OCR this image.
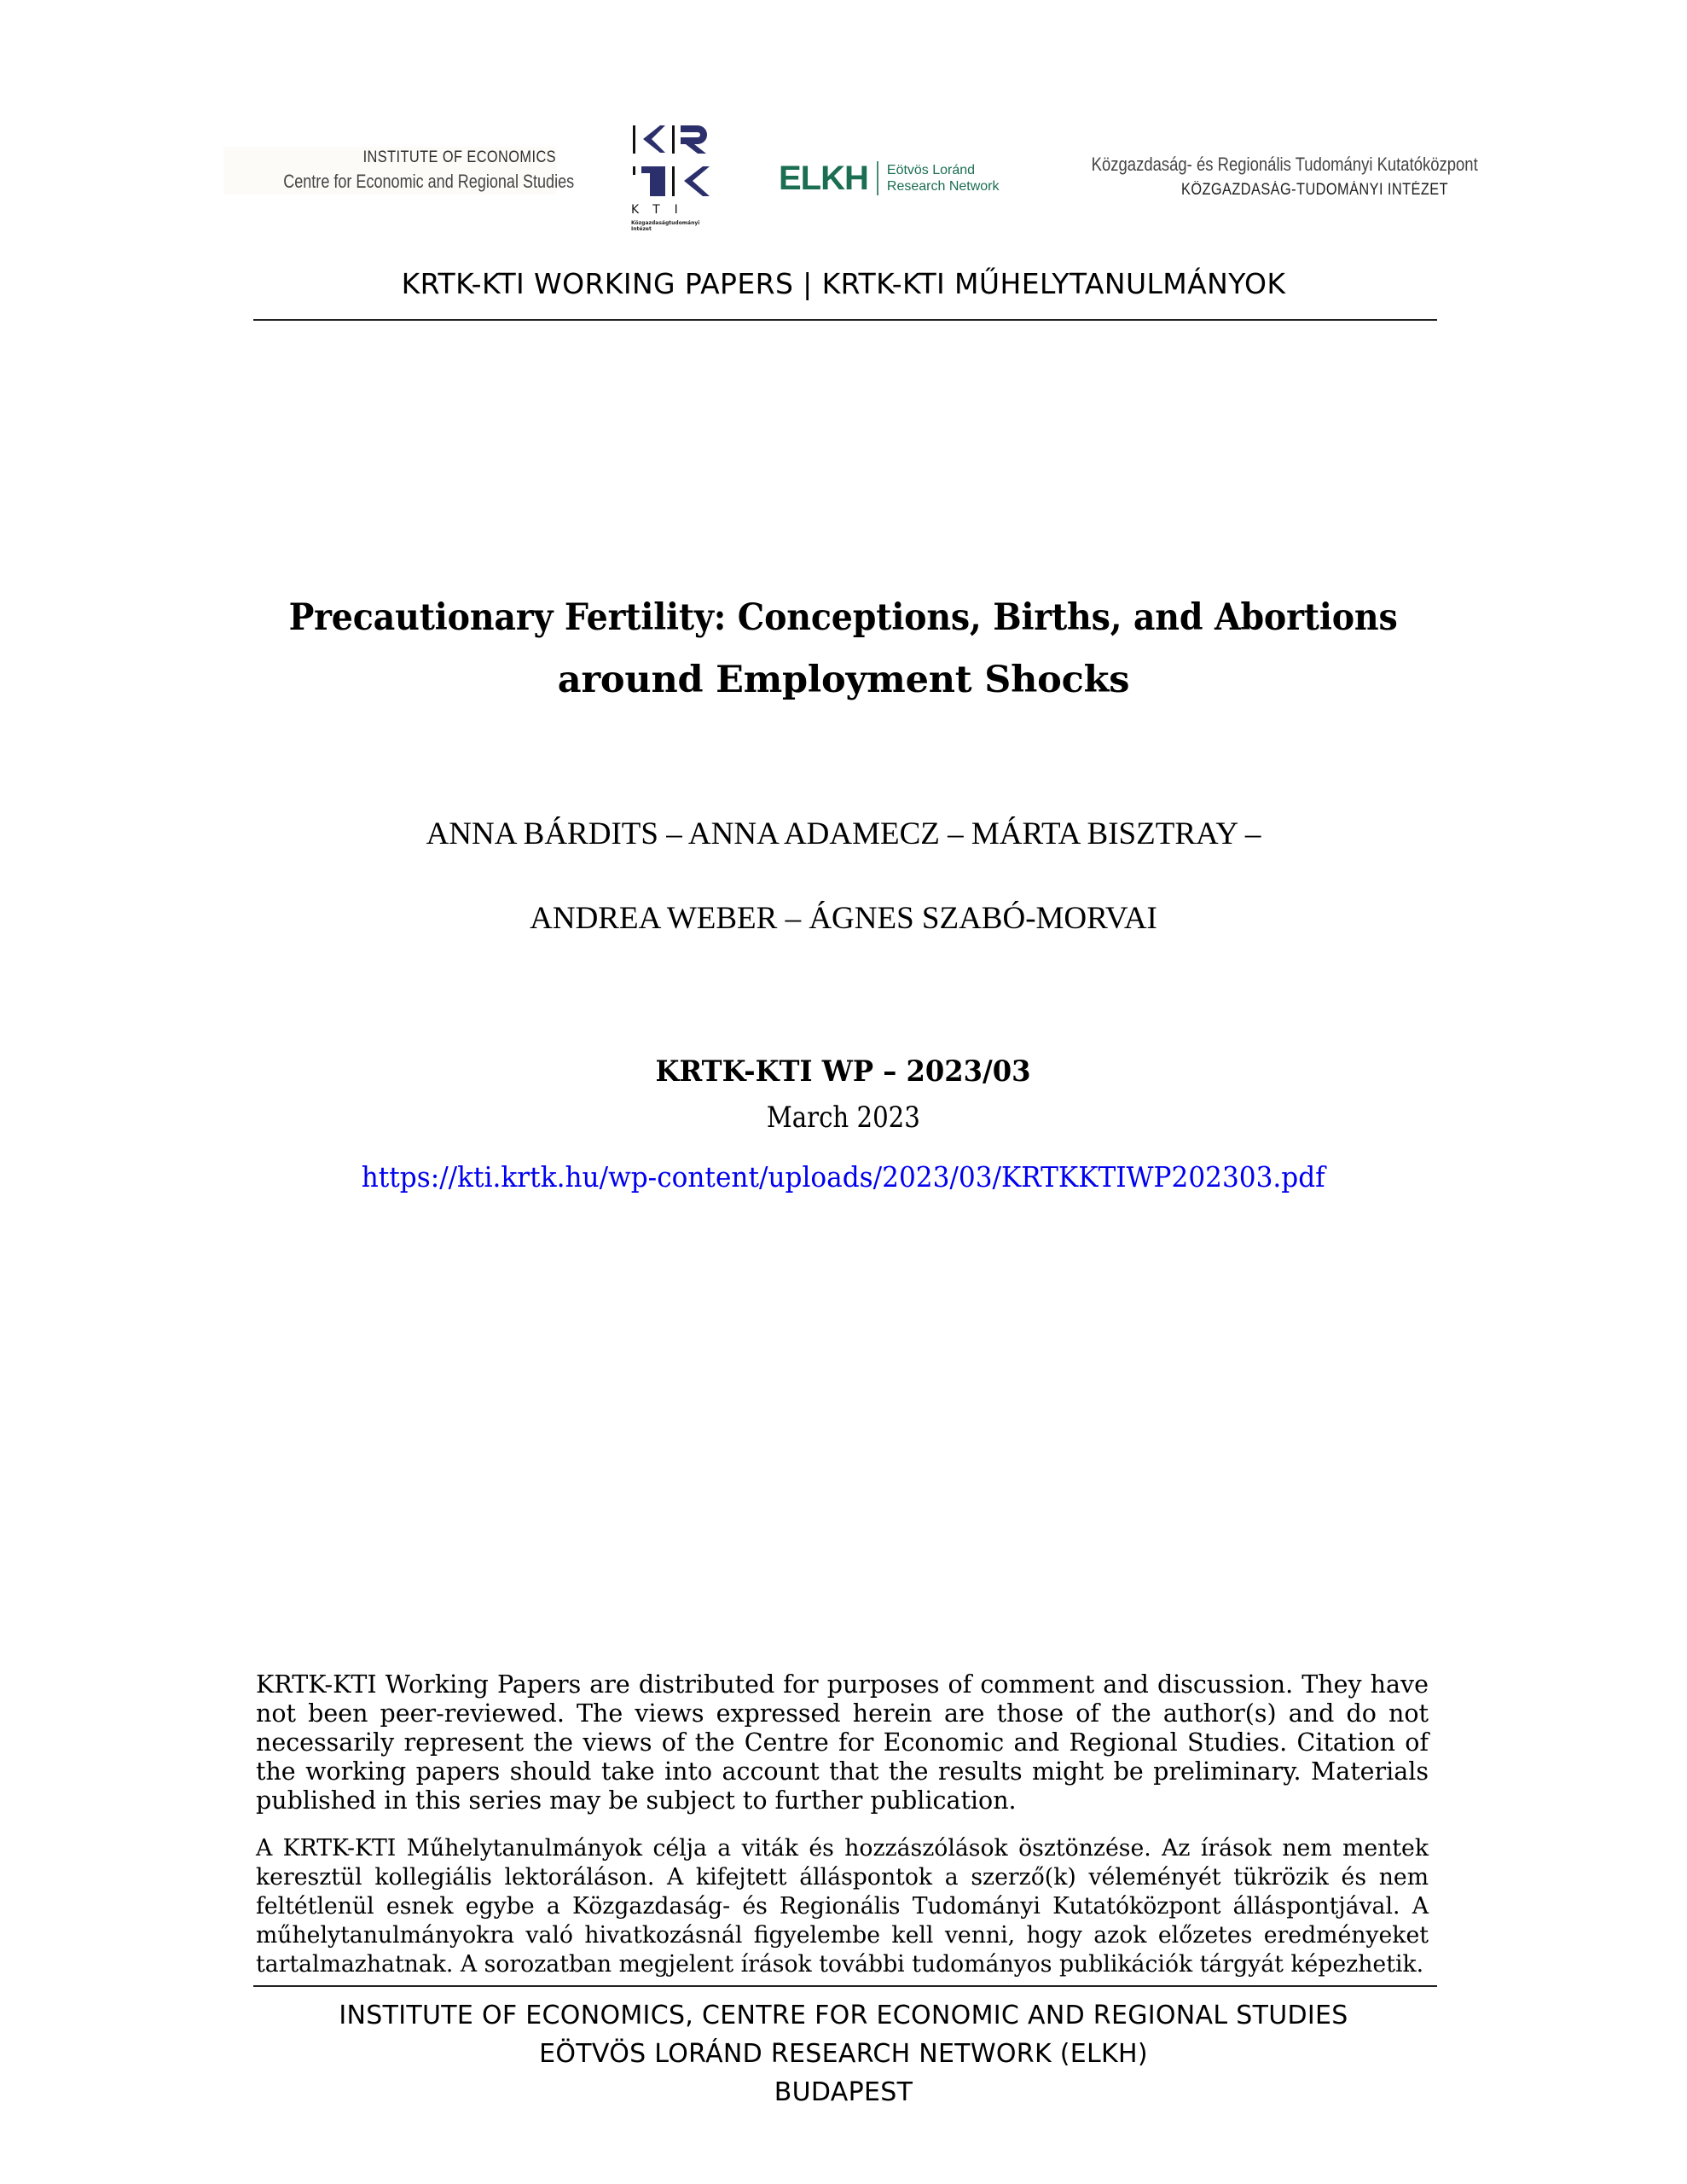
INSTITUTE OF ECONOMICS
Centre for Economic and Regional Studies
KTI
Közgazdaságtudományi
Intézet
ELKH Eötvös Loránd
Research Network
Közgazdaság- és Regionális Tudományi Kutatóközpont
KÖZGAZDASÁG-TUDOMÁNYI INTÉZET
KRTK-KTI WORKING PAPERS | KRTK-KTI MŰHELYTANULMÁNYOK
Precautionary Fertility: Conceptions, Births, and Abortions
around Employment Shocks
ANNA BÁRDITS – ANNA ADAMECZ – MÁRTA BISZTRAY –
ANDREA WEBER – ÁGNES SZABÓ-MORVAI
KRTK-KTI WP – 2023/03
March 2023
https://kti.krtk.hu/wp-content/uploads/2023/03/KRTKKTIWP202303.pdf
KRTK-KTI Working Papers are distributed for purposes of comment and discussion. They have not been peer-reviewed. The views expressed herein are those of the author(s) and do not necessarily represent the views of the Centre for Economic and Regional Studies. Citation of the working papers should take into account that the results might be preliminary. Materials published in this series may be subject to further publication.
A KRTK-KTI Műhelytanulmányok célja a viták és hozzászólások ösztönzése. Az írások nem mentek keresztül kollegiális lektoráláson. A kifejtett álláspontok a szerző(k) véleményét tükrözik és nem feltétlenül esnek egybe a Közgazdaság- és Regionális Tudományi Kutatóközpont álláspontjával. A műhelytanulmányokra való hivatkozásnál figyelembe kell venni, hogy azok előzetes eredményeket tartalmazhatnak. A sorozatban megjelent írások további tudományos publikációk tárgyát képezhetik.
INSTITUTE OF ECONOMICS, CENTRE FOR ECONOMIC AND REGIONAL STUDIES
EÖTVÖS LORÁND RESEARCH NETWORK (ELKH)
BUDAPEST
